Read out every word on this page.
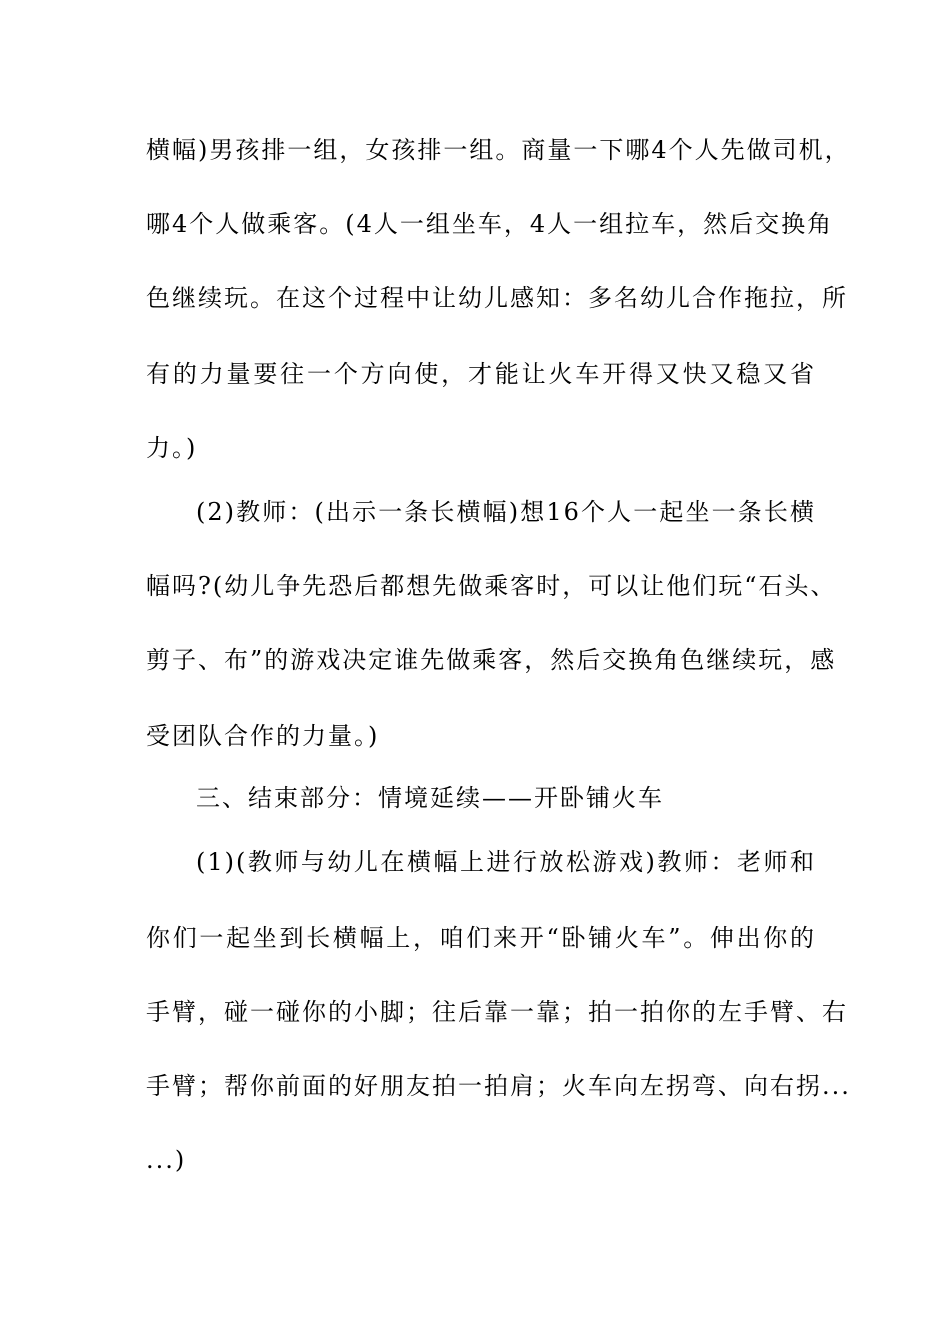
横幅)男孩排一组，女孩排一组。商量一下哪4个人先做司机，
哪4个人做乘客。(4人一组坐车，4人一组拉车，然后交换角
色继续玩。在这个过程中让幼儿感知：多名幼儿合作拖拉，所
有的力量要往一个方向使，才能让火车开得又快又稳又省
力。)
(2)教师：(出示一条长横幅)想16个人一起坐一条长横
幅吗?(幼儿争先恐后都想先做乘客时，可以让他们玩“石头、
剪子、布”的游戏决定谁先做乘客，然后交换角色继续玩，感
受团队合作的力量。)
三、结束部分：情境延续——开卧铺火车
(1)(教师与幼儿在横幅上进行放松游戏)教师：老师和
你们一起坐到长横幅上，咱们来开“卧铺火车”。伸出你的
手臂，碰一碰你的小脚；往后靠一靠；拍一拍你的左手臂、右
手臂；帮你前面的好朋友拍一拍肩；火车向左拐弯、向右拐...
...)
